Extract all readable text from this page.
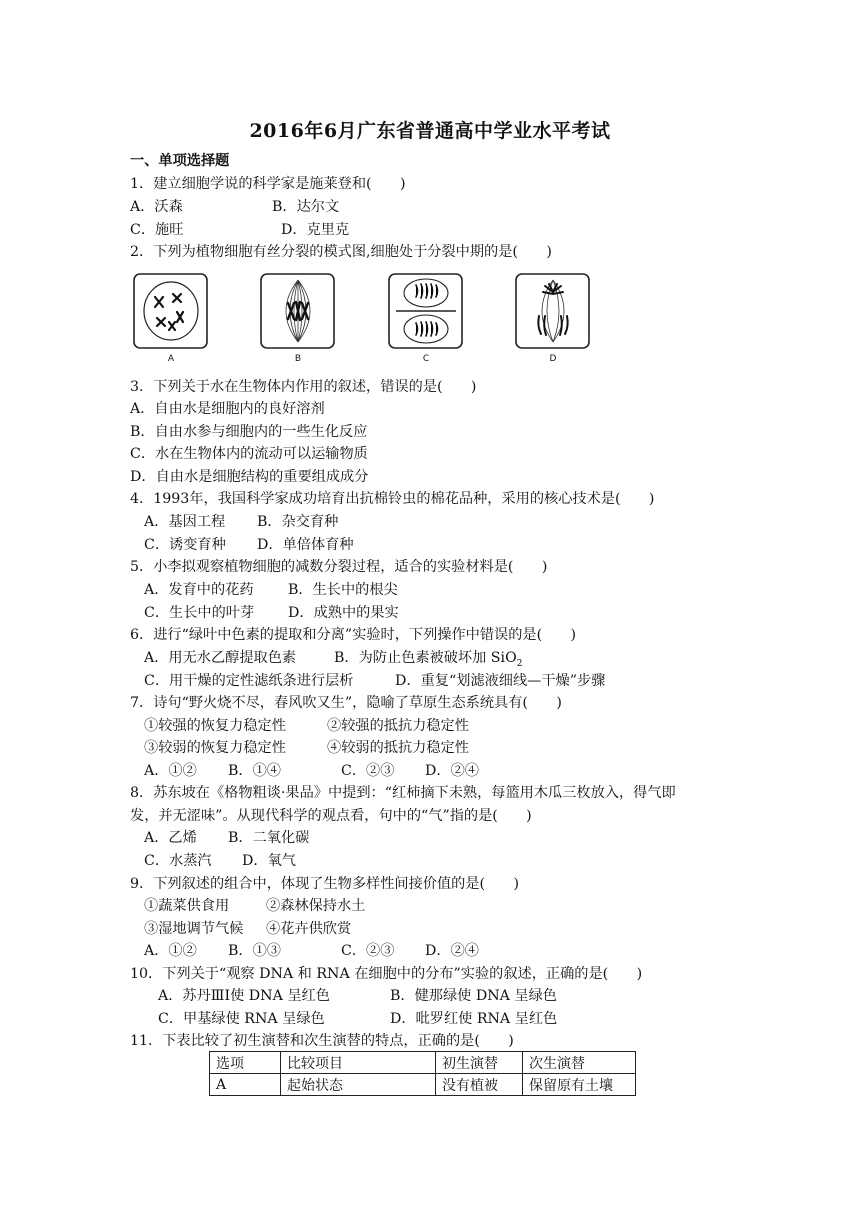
2016年6月广东省普通高中学业水平考试
一、单项选择题
1．建立细胞学说的科学家是施莱登和(　　)
A．沃森	B．达尔文
C．施旺	D．克里克
2．下列为植物细胞有丝分裂的模式图,细胞处于分裂中期的是(　　)
A	B	C	D
3．下列关于水在生物体内作用的叙述，错误的是(　　)
A．自由水是细胞内的良好溶剂
B．自由水参与细胞内的一些生化反应
C．水在生物体内的流动可以运输物质
D．自由水是细胞结构的重要组成成分
4．1993年，我国科学家成功培育出抗棉铃虫的棉花品种，采用的核心技术是(　　)
A．基因工程 B．杂交育种
C．诱变育种 D．单倍体育种
5．小李拟观察植物细胞的减数分裂过程，适合的实验材料是(　　)
A．发育中的花药 B．生长中的根尖
C．生长中的叶芽 D．成熟中的果实
6．进行“绿叶中色素的提取和分离”实验时，下列操作中错误的是(　　)
A．用无水乙醇提取色素	B．为防止色素被破坏加 SiO$_2$
C．用干燥的定性滤纸条进行层析	D．重复“划滤液细线—干燥”步骤
7．诗句“野火烧不尽，春风吹又生”，隐喻了草原生态系统具有(　　)
①较强的恢复力稳定性	②较强的抵抗力稳定性
③较弱的恢复力稳定性	④较弱的抵抗力稳定性
A．①② B．①④	C．②③ D．②④
8．苏东坡在《格物粗谈·果品》中提到：“红柿摘下未熟，每篮用木瓜三枚放入，得气即
发，并无涩味”。从现代科学的观点看，句中的“气”指的是(　　)
A．乙烯 B．二氧化碳
C．水蒸汽 D．氧气
9．下列叙述的组合中，体现了生物多样性间接价值的是(　　)
①蔬菜供食用	②森林保持水土
③湿地调节气候 ④花卉供欣赏
A．①② B．①③	C．②③ D．②④
10．下列关于“观察 DNA 和 RNA 在细胞中的分布”实验的叙述，正确的是(　　)
A．苏丹ⅢⅠ使 DNA 呈红色	B．健那绿使 DNA 呈绿色
C．甲基绿使 RNA 呈绿色	D．吡罗红使 RNA 呈红色
11．下表比较了初生演替和次生演替的特点，正确的是(　　)
选项	比较项目	初生演替	次生演替
A	起始状态	没有植被	保留原有土壤
